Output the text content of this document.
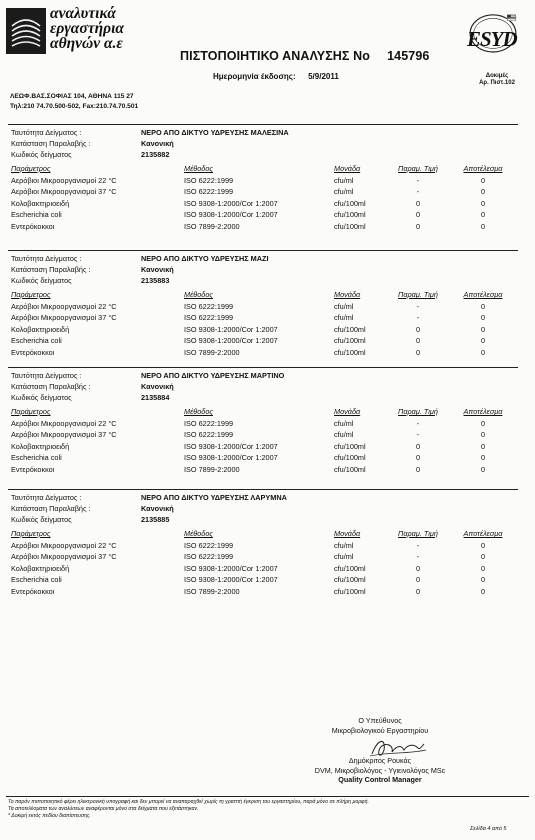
αναλυτικά
εργαστήρια
αθηνών α.ε
ΠΙΣΤΟΠΟΙΗΤΙΚΟ ΑΝΑΛΥΣΗΣ Νο 145796
Ημερομηνία έκδοσης: 5/9/2011
ESYD
Δοκιμές
Αρ. Πιστ.102
ΛΕΩΦ.ΒΑΣ.ΣΟΦΙΑΣ 104, ΑΘΗΝΑ 115 27
Τηλ:210 74.70.500-502, Fax:210.74.70.501
Ταυτότητα Δείγματος :	ΝΕΡΟ ΑΠΟ ΔΙΚΤΥΟ ΥΔΡΕΥΣΗΣ ΜΑΛΕΣΙΝΑ
Κατάσταση Παραλαβής :	Κανονική
Κωδικός δείγματος	2135882
Παράμετρος	Μέθοδος	Μονάδα	Παραμ. Τιμή	Αποτέλεσμα
Αερόβιοι Μικροοργανισμοί 22 °C	ISO 6222:1999	cfu/ml	-	0
Αερόβιοι Μικροοργανισμοί 37 °C	ISO 6222:1999	cfu/ml	-	0
Κολοβακτηριοειδή	ISO 9308-1:2000/Cor 1:2007	cfu/100ml	0	0
Escherichia coli	ISO 9308-1:2000/Cor 1:2007	cfu/100ml	0	0
Εντερόκοκκοι	ISO 7899-2:2000	cfu/100ml	0	0
Ταυτότητα Δείγματος :	ΝΕΡΟ ΑΠΟ ΔΙΚΤΥΟ ΥΔΡΕΥΣΗΣ ΜΑΖΙ
Κατάσταση Παραλαβής :	Κανονική
Κωδικός δείγματος	2135883
Παράμετρος	Μέθοδος	Μονάδα	Παραμ. Τιμή	Αποτέλεσμα
Αερόβιοι Μικροοργανισμοί 22 °C	ISO 6222:1999	cfu/ml	-	0
Αερόβιοι Μικροοργανισμοί 37 °C	ISO 6222:1999	cfu/ml	-	0
Κολοβακτηριοειδή	ISO 9308-1:2000/Cor 1:2007	cfu/100ml	0	0
Escherichia coli	ISO 9308-1:2000/Cor 1:2007	cfu/100ml	0	0
Εντερόκοκκοι	ISO 7899-2:2000	cfu/100ml	0	0
Ταυτότητα Δείγματος :	ΝΕΡΟ ΑΠΟ ΔΙΚΤΥΟ ΥΔΡΕΥΣΗΣ ΜΑΡΤΙΝΟ
Κατάσταση Παραλαβής :	Κανονική
Κωδικός δείγματος	2135884
Παράμετρος	Μέθοδος	Μονάδα	Παραμ. Τιμή	Αποτέλεσμα
Αερόβιοι Μικροοργανισμοί 22 °C	ISO 6222:1999	cfu/ml	-	0
Αερόβιοι Μικροοργανισμοί 37 °C	ISO 6222:1999	cfu/ml	-	0
Κολοβακτηριοειδή	ISO 9308-1:2000/Cor 1:2007	cfu/100ml	0	0
Escherichia coli	ISO 9308-1:2000/Cor 1:2007	cfu/100ml	0	0
Εντερόκοκκοι	ISO 7899-2:2000	cfu/100ml	0	0
Ταυτότητα Δείγματος :	ΝΕΡΟ ΑΠΟ ΔΙΚΤΥΟ ΥΔΡΕΥΣΗΣ ΛΑΡΥΜΝΑ
Κατάσταση Παραλαβής :	Κανονική
Κωδικός δείγματος	2135885
Παράμετρος	Μέθοδος	Μονάδα	Παραμ. Τιμή	Αποτέλεσμα
Αερόβιοι Μικροοργανισμοί 22 °C	ISO 6222:1999	cfu/ml	-	0
Αερόβιοι Μικροοργανισμοί 37 °C	ISO 6222:1999	cfu/ml	-	0
Κολοβακτηριοειδή	ISO 9308-1:2000/Cor 1:2007	cfu/100ml	0	0
Escherichia coli	ISO 9308-1:2000/Cor 1:2007	cfu/100ml	0	0
Εντερόκοκκοι	ISO 7899-2:2000	cfu/100ml	0	0
Ο Υπεύθυνος
Μικροβιολογικού Εργαστηρίου
Δημόκριτος Ρουκάς
DVM, Μικροβιολόγος - Υγιεινολόγος MSc
Quality Control Manager
Το παρόν πιστοποιητικό φέρει ηλεκτρονική υπογραφή και δεν μπορεί να αναπαραχθεί χωρίς τη γραπτή έγκριση του εργαστηρίου, παρά μόνο σε πλήρη μορφή.
Τα αποτελέσματα των αναλύσεων αναφέρονται μόνο στα δείγματα που εξετάστηκαν.
* Δοκιμή εκτός πεδίου διαπίστευσης.
Σελίδα 4 από 5
